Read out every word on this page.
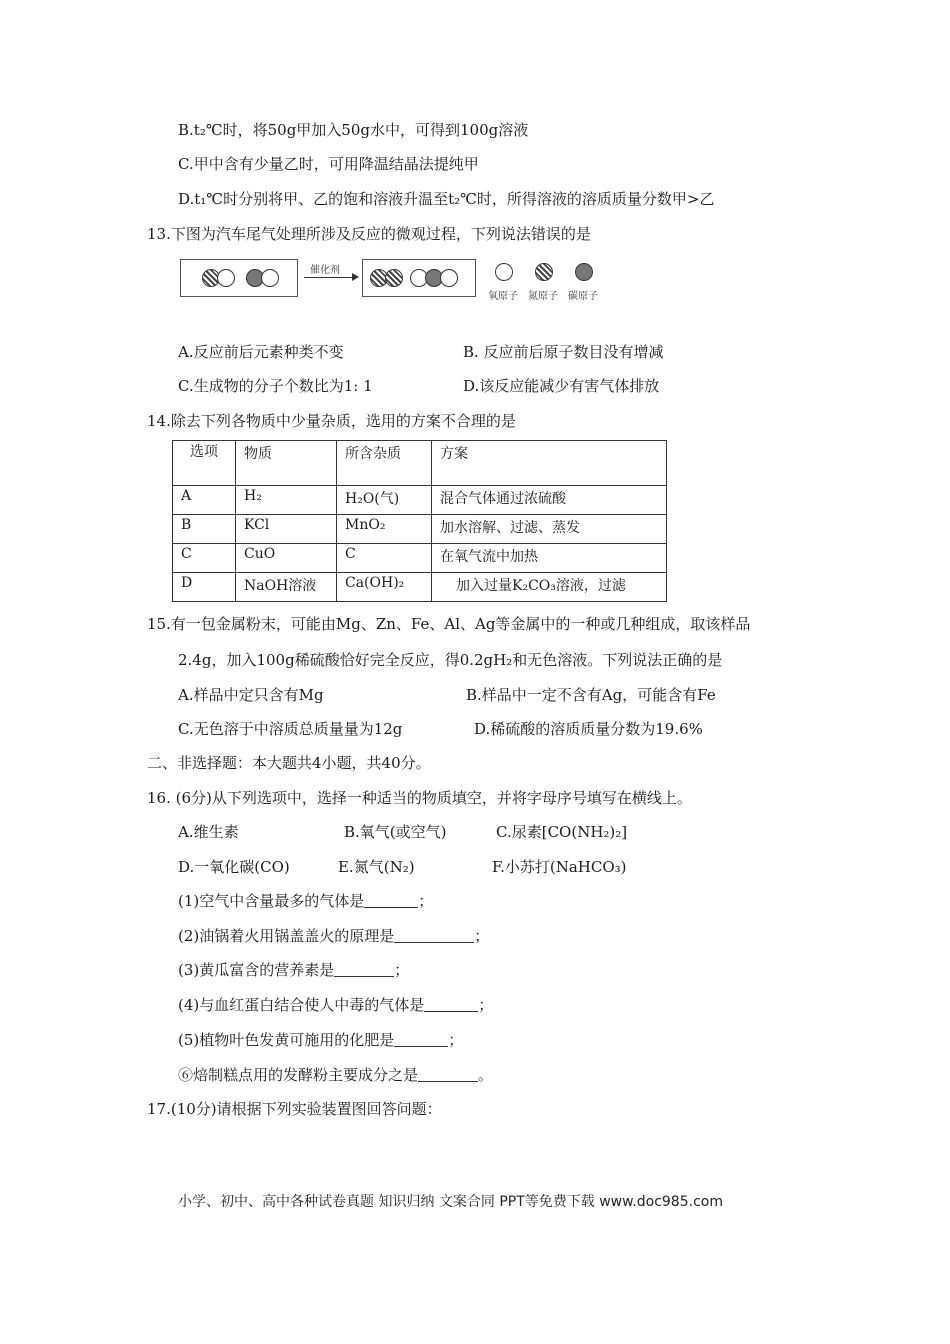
B.t₂℃时，将50g甲加入50g水中，可得到100g溶液
C.甲中含有少量乙时，可用降温结晶法提纯甲
D.t₁℃时分别将甲、乙的饱和溶液升温至t₂℃时，所得溶液的溶质质量分数甲>乙
13.下图为汽车尾气处理所涉及反应的微观过程，下列说法错误的是
催化剂
氧原子 氮原子 碳原子
A.反应前后元素种类不变	B. 反应前后原子数目没有增减
C.生成物的分子个数比为1: 1	D.该反应能减少有害气体排放
14.除去下列各物质中少量杂质，选用的方案不合理的是
选项	物质	所含杂质	方案
A	H₂	H₂O(气)	混合气体通过浓硫酸
B	KCl	MnO₂	加水溶解、过滤、蒸发
C	CuO	C	在氧气流中加热
D	NaOH溶液	Ca(OH)₂	加入过量K₂CO₃溶液，过滤
15.有一包金属粉末，可能由Mg、Zn、Fe、Al、Ag等金属中的一种或几种组成，取该样品
2.4g，加入100g稀硫酸恰好完全反应，得0.2gH₂和无色溶液。下列说法正确的是
A.样品中定只含有Mg	B.样品中一定不含有Ag，可能含有Fe
C.无色溶于中溶质总质量量为12g	D.稀硫酸的溶质质量分数为19.6%
二、非选择题：本大题共4小题，共40分。
16. (6分)从下列选项中，选择一种适当的物质填空，并将字母序号填写在横线上。
A.维生素	B.氧气(或空气)	C.尿素[CO(NH₂)₂]
D.一氧化碳(CO)	E.氮气(N₂)	F.小苏打(NaHCO₃)
(1)空气中含量最多的气体是	；
(2)油锅着火用锅盖盖火的原理是	；
(3)黄瓜富含的营养素是	；
(4)与血红蛋白结合使人中毒的气体是	；
(5)植物叶色发黄可施用的化肥是	；
⑥焙制糕点用的发酵粉主要成分之是	。
17.(10分)请根据下列实验装置图回答问题：
小学、初中、高中各种试卷真题 知识归纳 文案合同 PPT等免费下载 www.doc985.com
